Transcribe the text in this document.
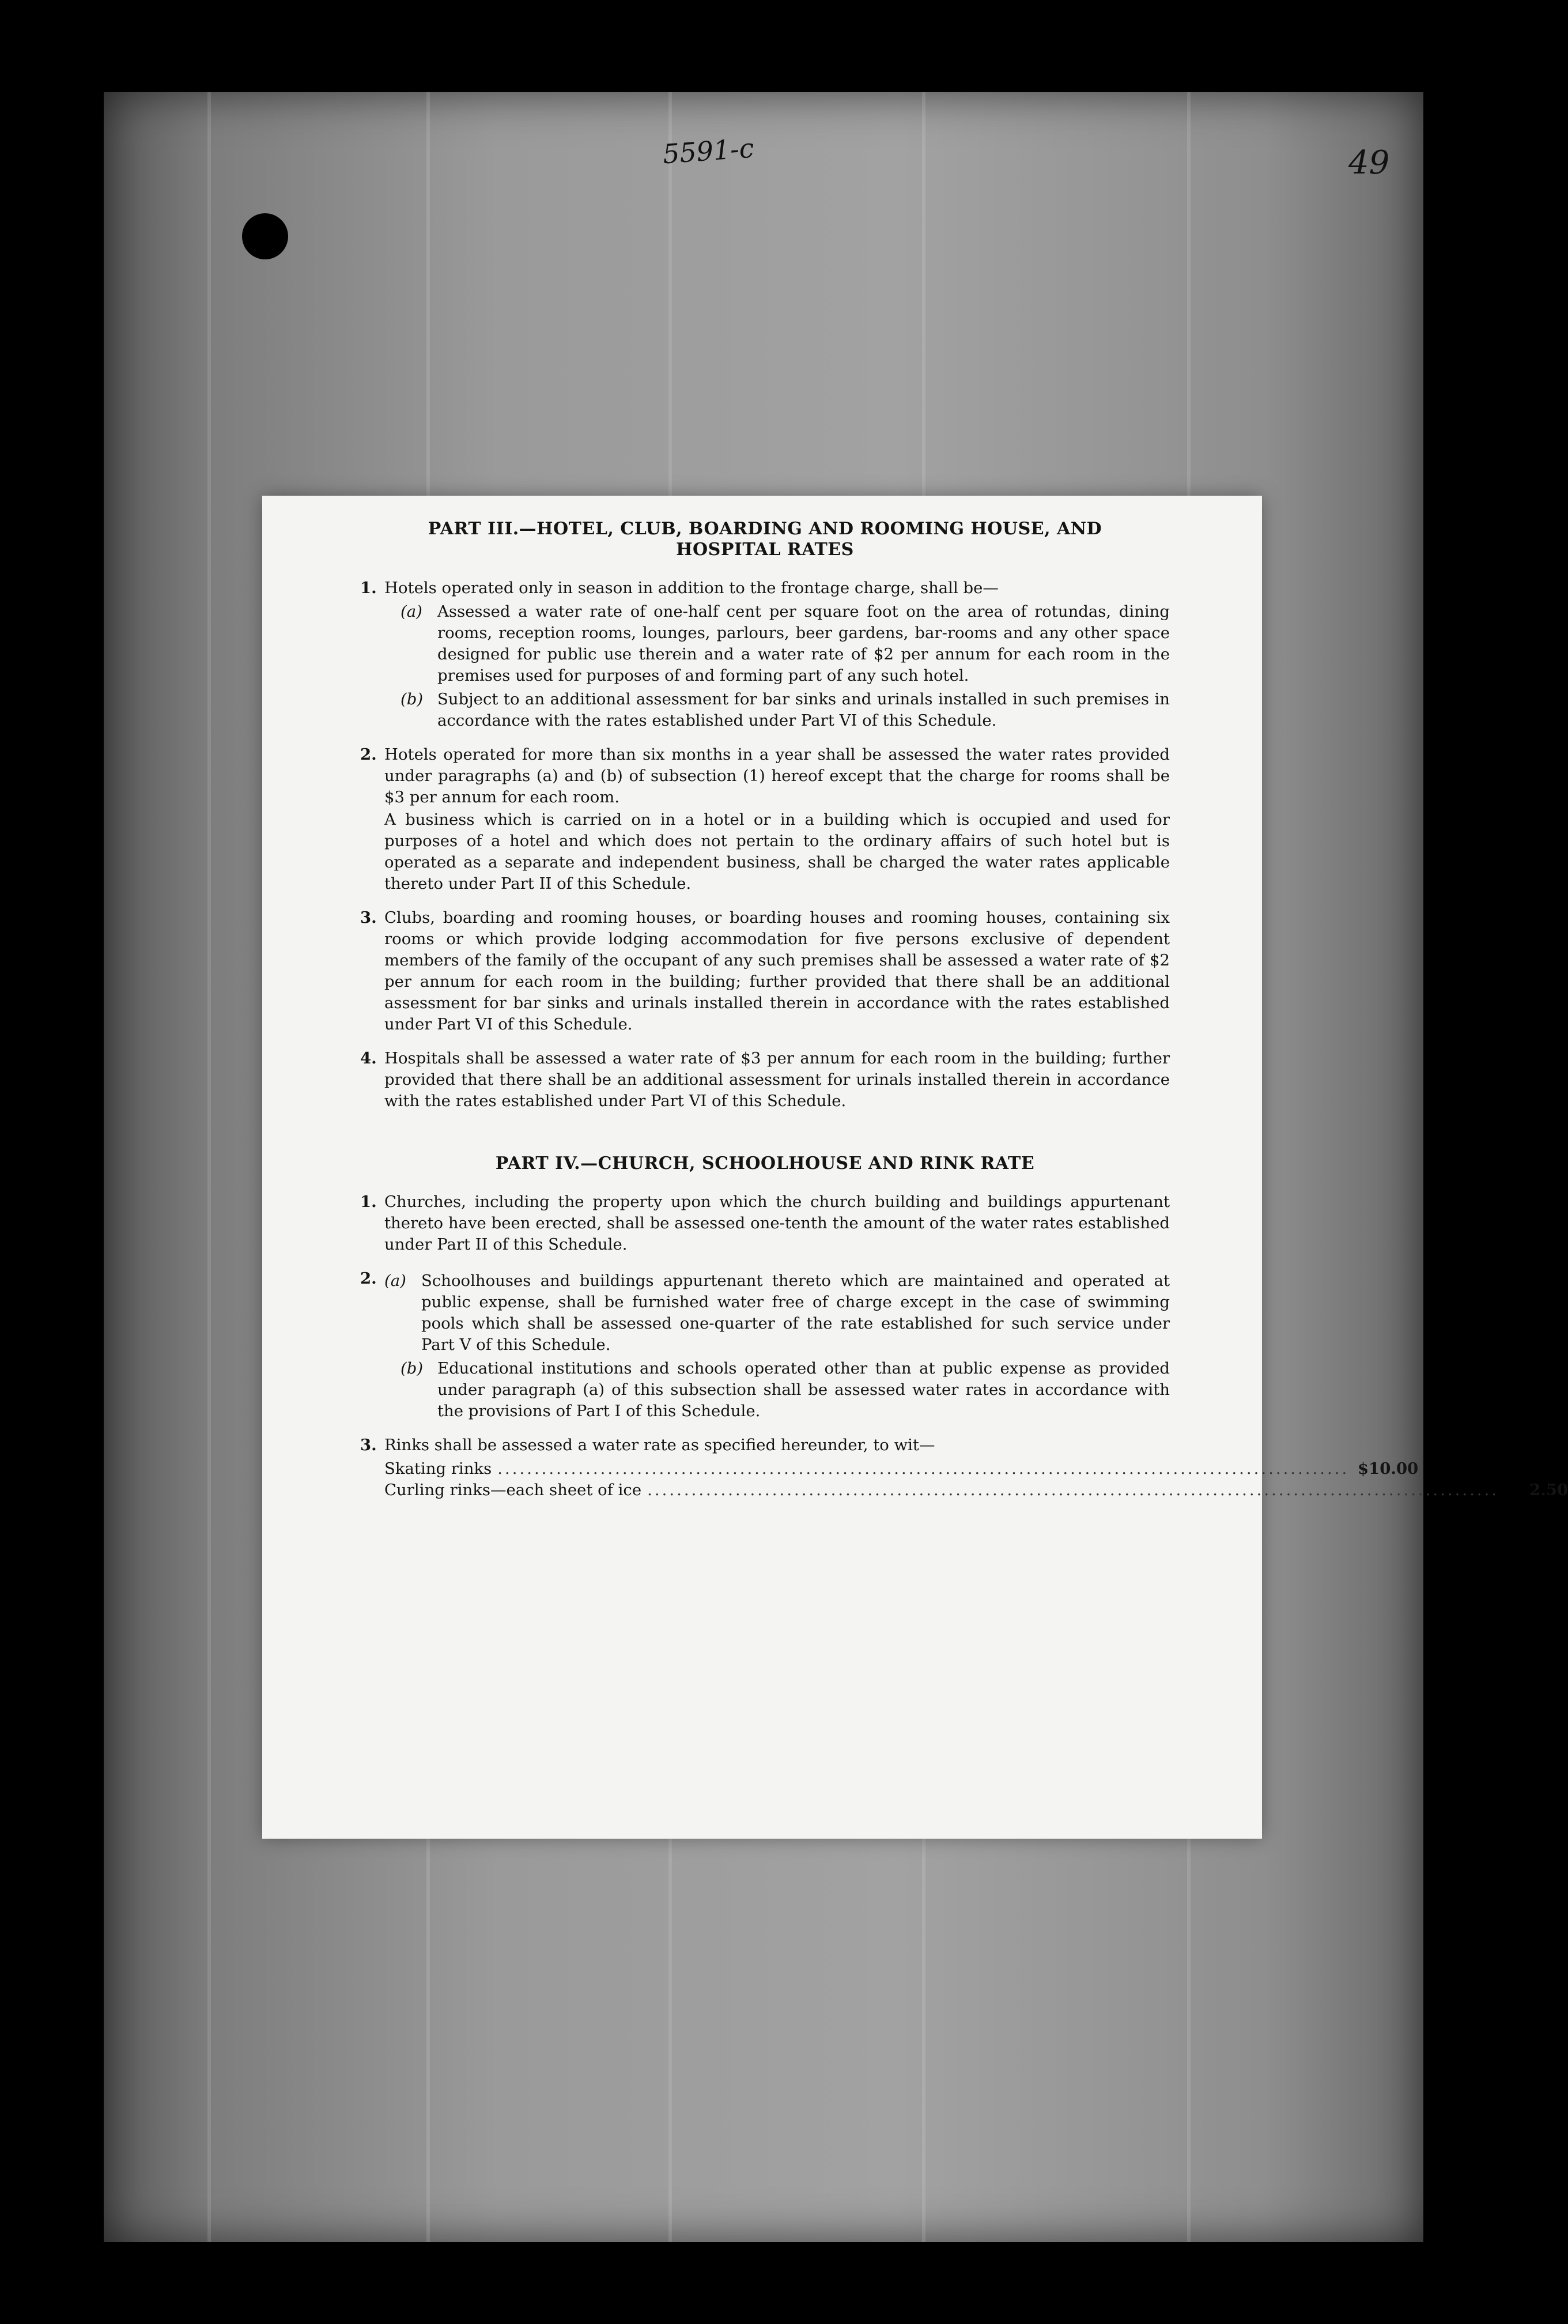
5591-c	49
PART III.—HOTEL, CLUB, BOARDING AND ROOMING HOUSE, AND
HOSPITAL RATES
1. Hotels operated only in season in addition to the frontage charge, shall be—

(a) Assessed a water rate of one-half cent per square foot on the area of rotundas, dining rooms, reception rooms, lounges, parlours, beer gardens, bar-rooms and any other space designed for public use therein and a water rate of $2 per annum for each room in the premises used for purposes of and forming part of any such hotel.
(b) Subject to an additional assessment for bar sinks and urinals installed in such premises in accordance with the rates established under Part VI of this Schedule.
2. Hotels operated for more than six months in a year shall be assessed the water rates provided under paragraphs (a) and (b) of subsection (1) hereof except that the charge for rooms shall be $3 per annum for each room.

A business which is carried on in a hotel or in a building which is occupied and used for purposes of a hotel and which does not pertain to the ordinary affairs of such hotel but is operated as a separate and independent business, shall be charged the water rates applicable thereto under Part II of this Schedule.

3. Clubs, boarding and rooming houses, or boarding houses and rooming houses, containing six rooms or which provide lodging accommodation for five persons exclusive of dependent members of the family of the occupant of any such premises shall be assessed a water rate of $2 per annum for each room in the building; further provided that there shall be an additional assessment for bar sinks and urinals installed therein in accordance with the rates established under Part VI of this Schedule.

4. Hospitals shall be assessed a water rate of $3 per annum for each room in the building; further provided that there shall be an additional assessment for urinals installed therein in accordance with the rates established under Part VI of this Schedule.

PART IV.—CHURCH, SCHOOLHOUSE AND RINK RATE
1. Churches, including the property upon which the church building and buildings appurtenant thereto have been erected, shall be assessed one-tenth the amount of the water rates established under Part II of this Schedule.

2. (a) Schoolhouses and buildings appurtenant thereto which are maintained and operated at public expense, shall be furnished water free of charge except in the case of swimming pools which shall be assessed one-quarter of the rate established for such service under Part V of this Schedule.
(b) Educational institutions and schools operated other than at public expense as provided under paragraph (a) of this subsection shall be assessed water rates in accordance with the provisions of Part I of this Schedule.
3. Rinks shall be assessed a water rate as specified hereunder, to wit—

Skating rinks .................................................................................................................... $10.00
Curling rinks—each sheet of ice ....................................................................................................................	2.50
